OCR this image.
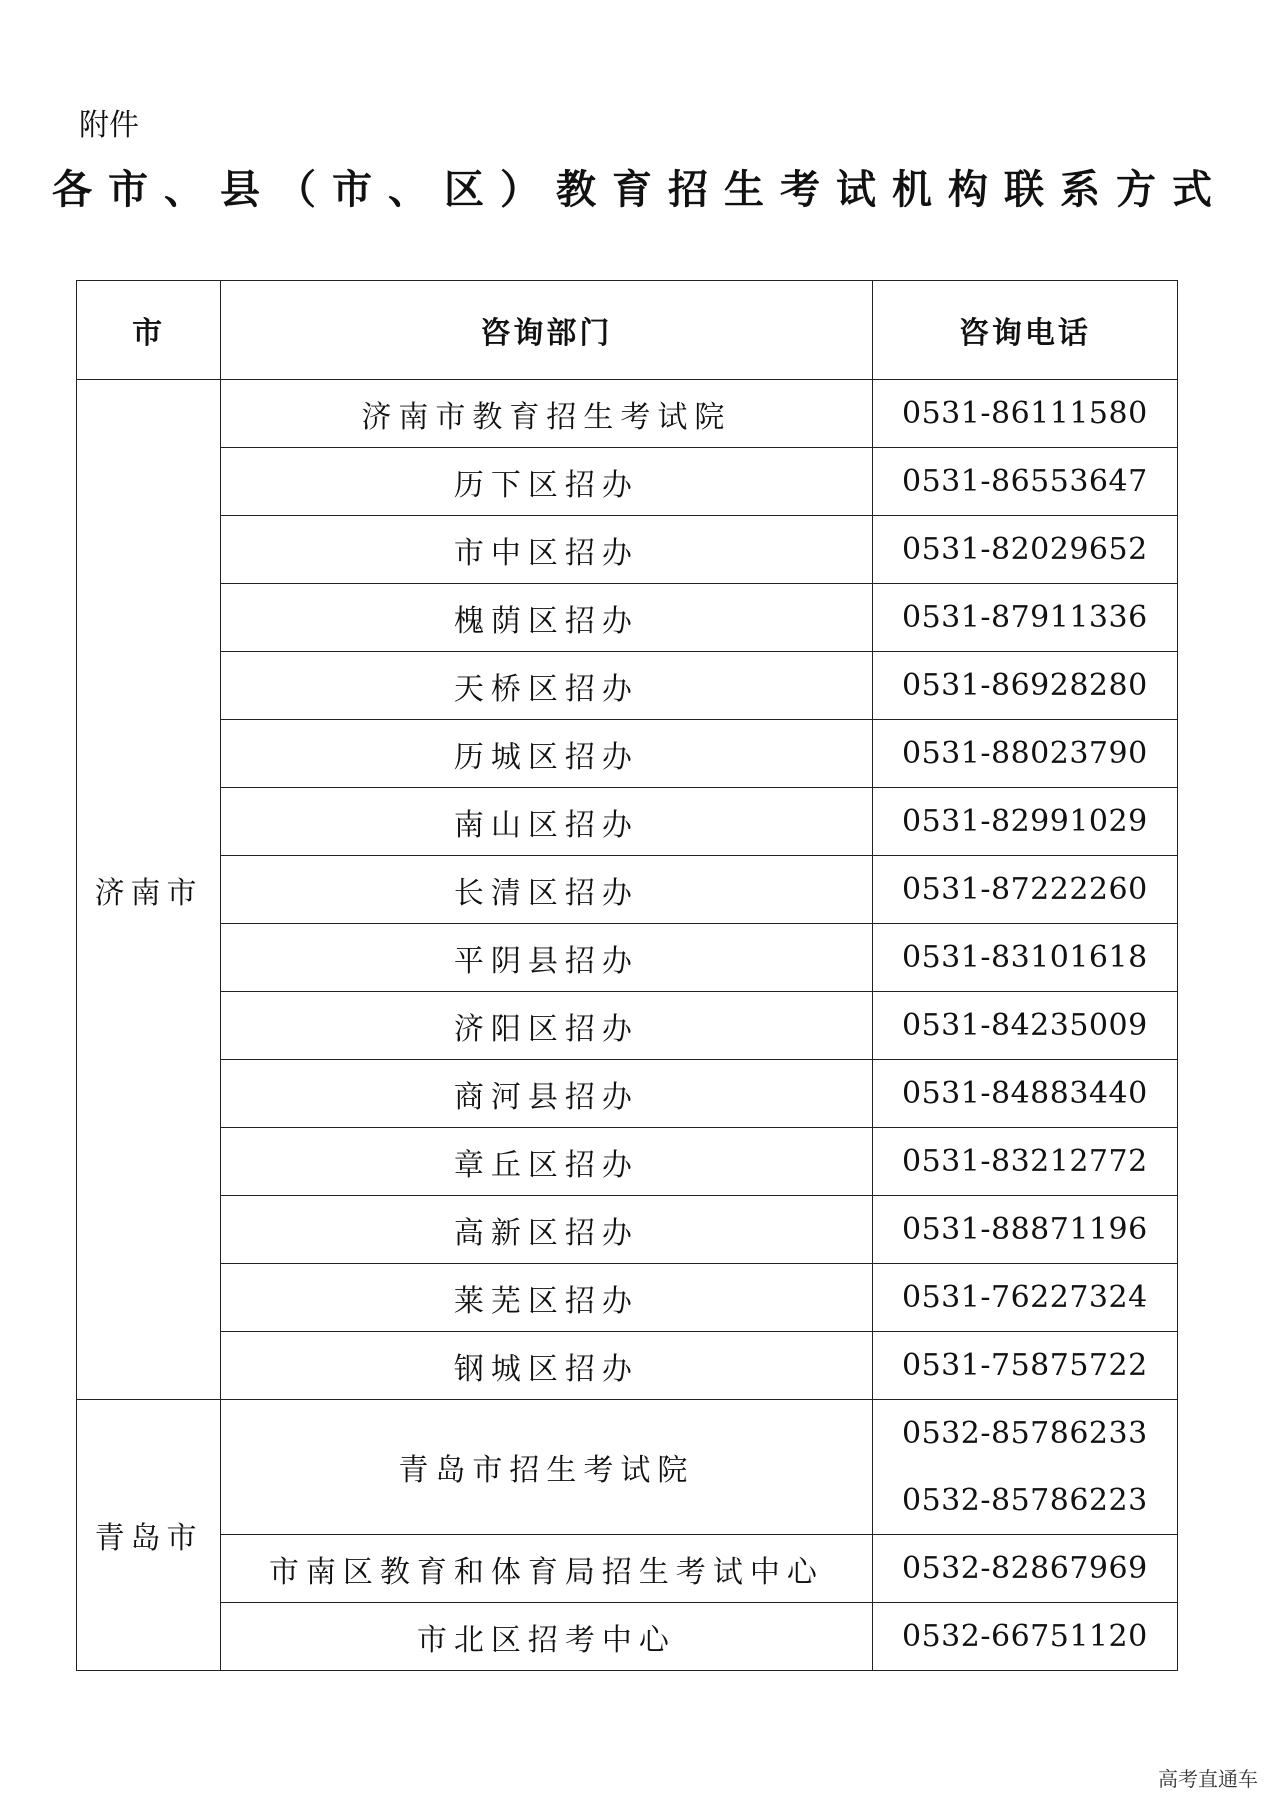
附件
各市、县（市、区）教育招生考试机构联系方式
市	咨询部门	咨询电话
济南市	济南市教育招生考试院	0531-86111580

	历下区招办	0531-86553647

	市中区招办	0531-82029652

	槐荫区招办	0531-87911336

	天桥区招办	0531-86928280

	历城区招办	0531-88023790

	南山区招办	0531-82991029

	长清区招办	0531-87222260

	平阴县招办	0531-83101618

	济阳区招办	0531-84235009

	商河县招办	0531-84883440

	章丘区招办	0531-83212772

	高新区招办	0531-88871196

	莱芜区招办	0531-76227324

	钢城区招办	0531-75875722

青岛市	青岛市招生考试院	0532-85786233
0532-85786223

	市南区教育和体育局招生考试中心	0532-82867969

	市北区招考中心	0532-66751120
高考直通车
